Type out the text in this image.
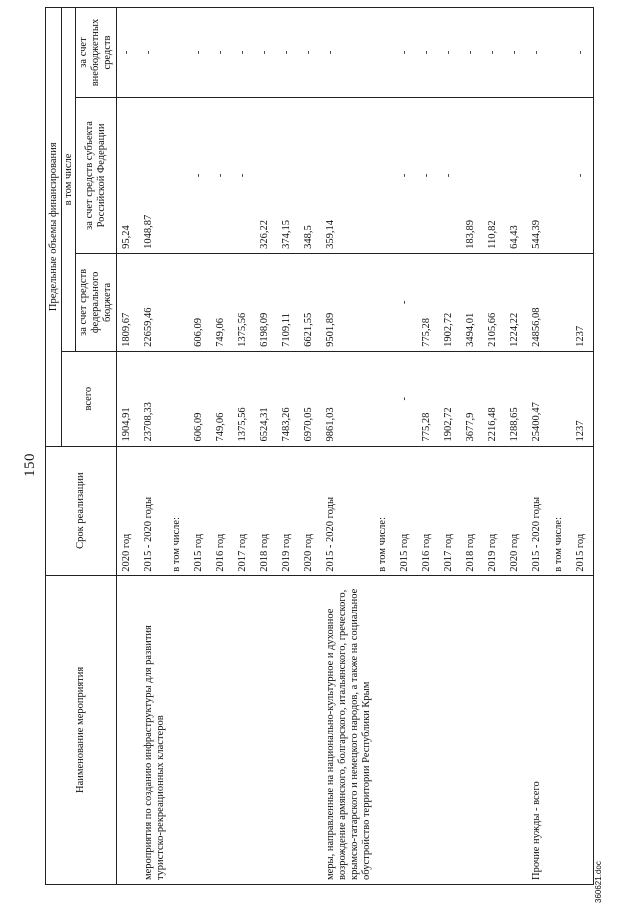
150
Наименование мероприятия	Срок реализации	Предельные объемы финансирования			
		всего	в том числе		
			за счет средств федерального бюджета	за счет средств субъекта Российской Федерации	за счет внебюджетных средств
	2020 год	1904,91	1809,67	95,24	-
мероприятия по созданию инфраструктуры для развития туристско-рекреационных кластеров	2015 - 2020 годы	23708,33	22659,46	1048,87	-
	в том числе:				
	2015 год	606,09	606,09	-	-
	2016 год	749,06	749,06	-	-
	2017 год	1375,56	1375,56	-	-
	2018 год	6524,31	6198,09	326,22	-
	2019 год	7483,26	7109,11	374,15	-
	2020 год	6970,05	6621,55	348,5	-
меры, направленные на национально-культурное и духовное возрождение армянского, болгарского, итальянского, греческого, крымско-татарского и немецкого народов, а также на социальное обустройство территории Республики Крым	2015 - 2020 годы	9861,03	9501,89	359,14	-
	в том числе:				
	2015 год	-	-	-	-
	2016 год	775,28	775,28	-	-
	2017 год	1902,72	1902,72	-	-
	2018 год	3677,9	3494,01	183,89	-
	2019 год	2216,48	2105,66	110,82	-
	2020 год	1288,65	1224,22	64,43	-
Прочие нужды - всего	2015 - 2020 годы	25400,47	24856,08	544,39	-
	в том числе:				
	2015 год	1237	1237	-	-
360621.doc
